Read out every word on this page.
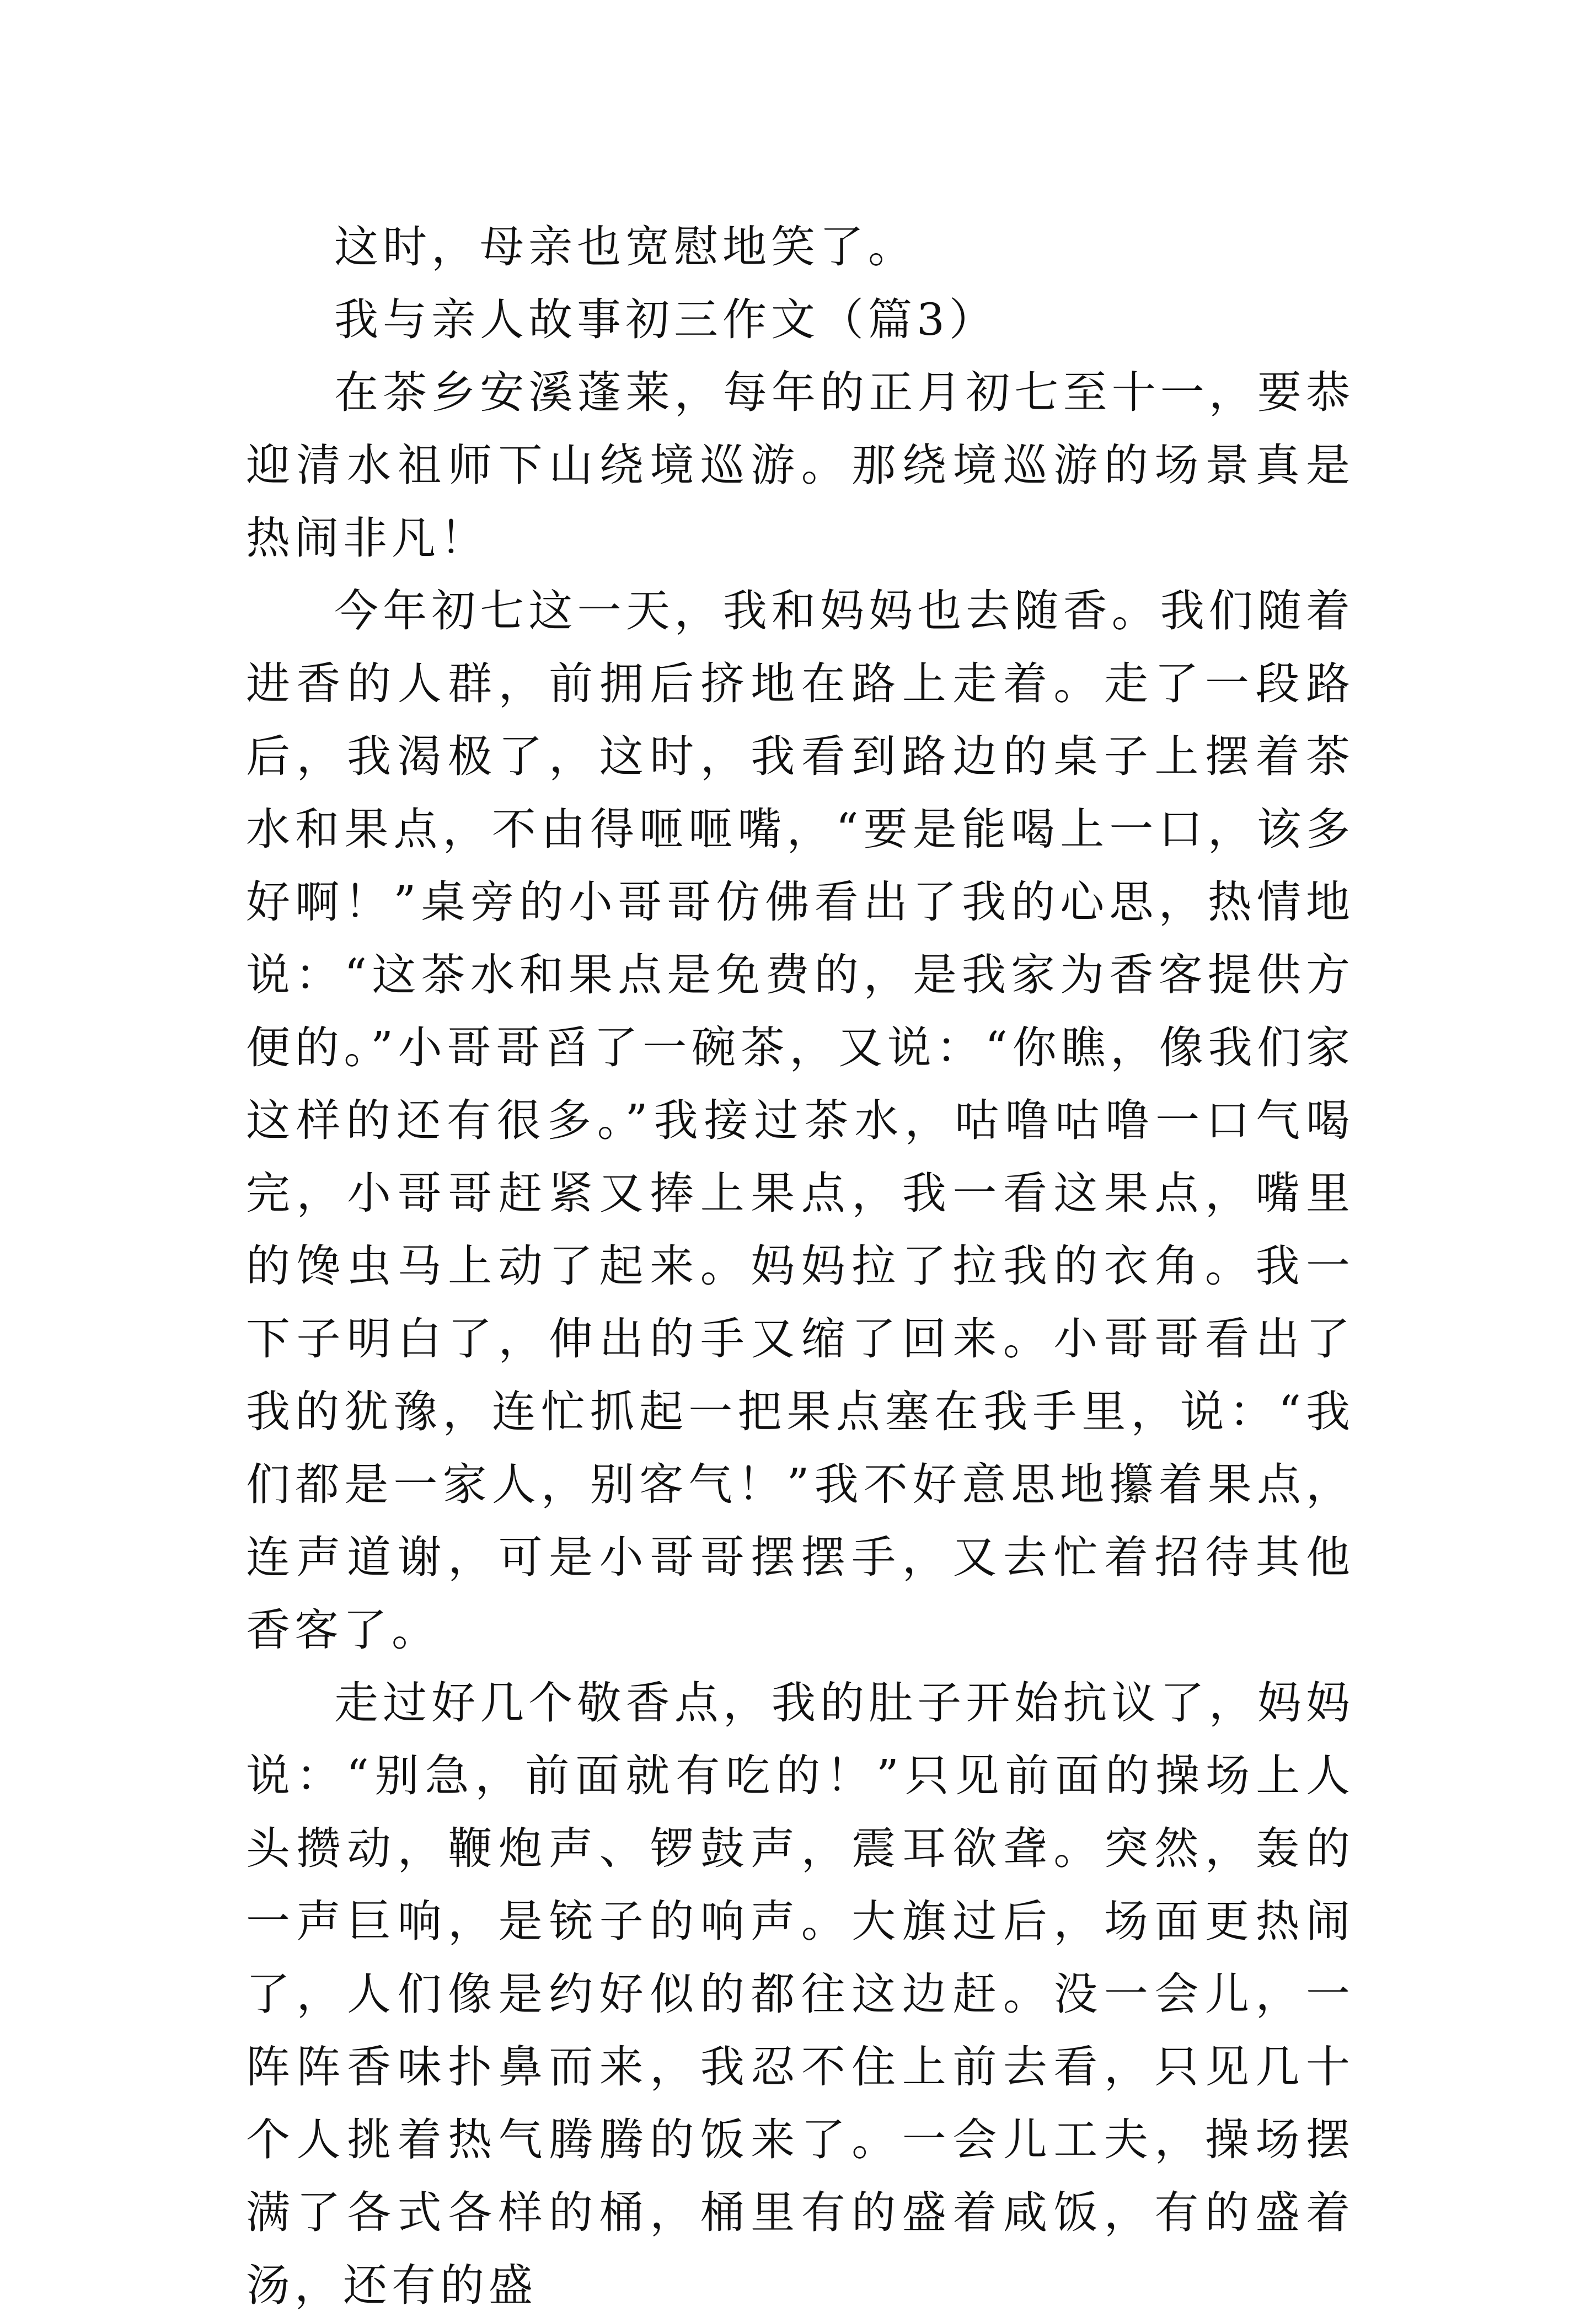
这时，母亲也宽慰地笑了。

我与亲人故事初三作文（篇3）

在茶乡安溪蓬莱，每年的正月初七至十一，要恭迎清水祖师下山绕境巡游。那绕境巡游的场景真是热闹非凡！

今年初七这一天，我和妈妈也去随香。我们随着进香的人群，前拥后挤地在路上走着。走了一段路后，我渴极了，这时，我看到路边的桌子上摆着茶水和果点，不由得咂咂嘴，“要是能喝上一口，该多好啊！”桌旁的小哥哥仿佛看出了我的心思，热情地说：“这茶水和果点是免费的，是我家为香客提供方便的。”小哥哥舀了一碗茶，又说：“你瞧，像我们家这样的还有很多。”我接过茶水，咕噜咕噜一口气喝完，小哥哥赶紧又捧上果点，我一看这果点，嘴里的馋虫马上动了起来。妈妈拉了拉我的衣角。我一下子明白了，伸出的手又缩了回来。小哥哥看出了我的犹豫，连忙抓起一把果点塞在我手里，说：“我们都是一家人，别客气！”我不好意思地攥着果点，连声道谢，可是小哥哥摆摆手，又去忙着招待其他香客了。

走过好几个敬香点，我的肚子开始抗议了，妈妈说：“别急，前面就有吃的！”只见前面的操场上人头攒动，鞭炮声、锣鼓声，震耳欲聋。突然，轰的一声巨响，是铳子的响声。大旗过后，场面更热闹了，人们像是约好似的都往这边赶。没一会儿，一阵阵香味扑鼻而来，我忍不住上前去看，只见几十个人挑着热气腾腾的饭来了。一会儿工夫，操场摆满了各式各样的桶，桶里有的盛着咸饭，有的盛着汤，还有的盛
